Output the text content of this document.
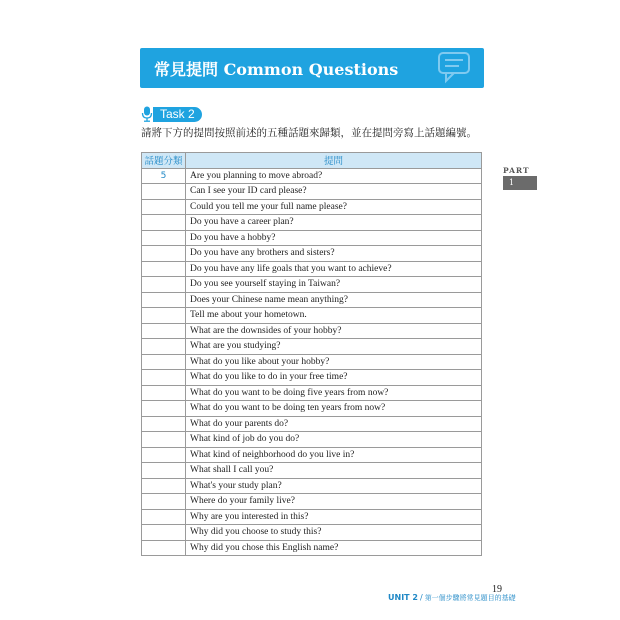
常見提問 Common Questions
Task 2
請將下方的提問按照前述的五種話題來歸類，並在提問旁寫上話題編號。
話題分類	提問
5	Are you planning to move abroad?
	Can I see your ID card please?
	Could you tell me your full name please?
	Do you have a career plan?
	Do you have a hobby?
	Do you have any brothers and sisters?
	Do you have any life goals that you want to achieve?
	Do you see yourself staying in Taiwan?
	Does your Chinese name mean anything?
	Tell me about your hometown.
	What are the downsides of your hobby?
	What are you studying?
	What do you like about your hobby?
	What do you like to do in your free time?
	What do you want to be doing five years from now?
	What do you want to be doing ten years from now?
	What do your parents do?
	What kind of job do you do?
	What kind of neighborhood do you live in?
	What shall I call you?
	What's your study plan?
	Where do your family live?
	Why are you interested in this?
	Why did you choose to study this?
	Why did you chose this English name?
PART
1
UNIT 2 / 第一個步驟將常見題目的基礎
19
